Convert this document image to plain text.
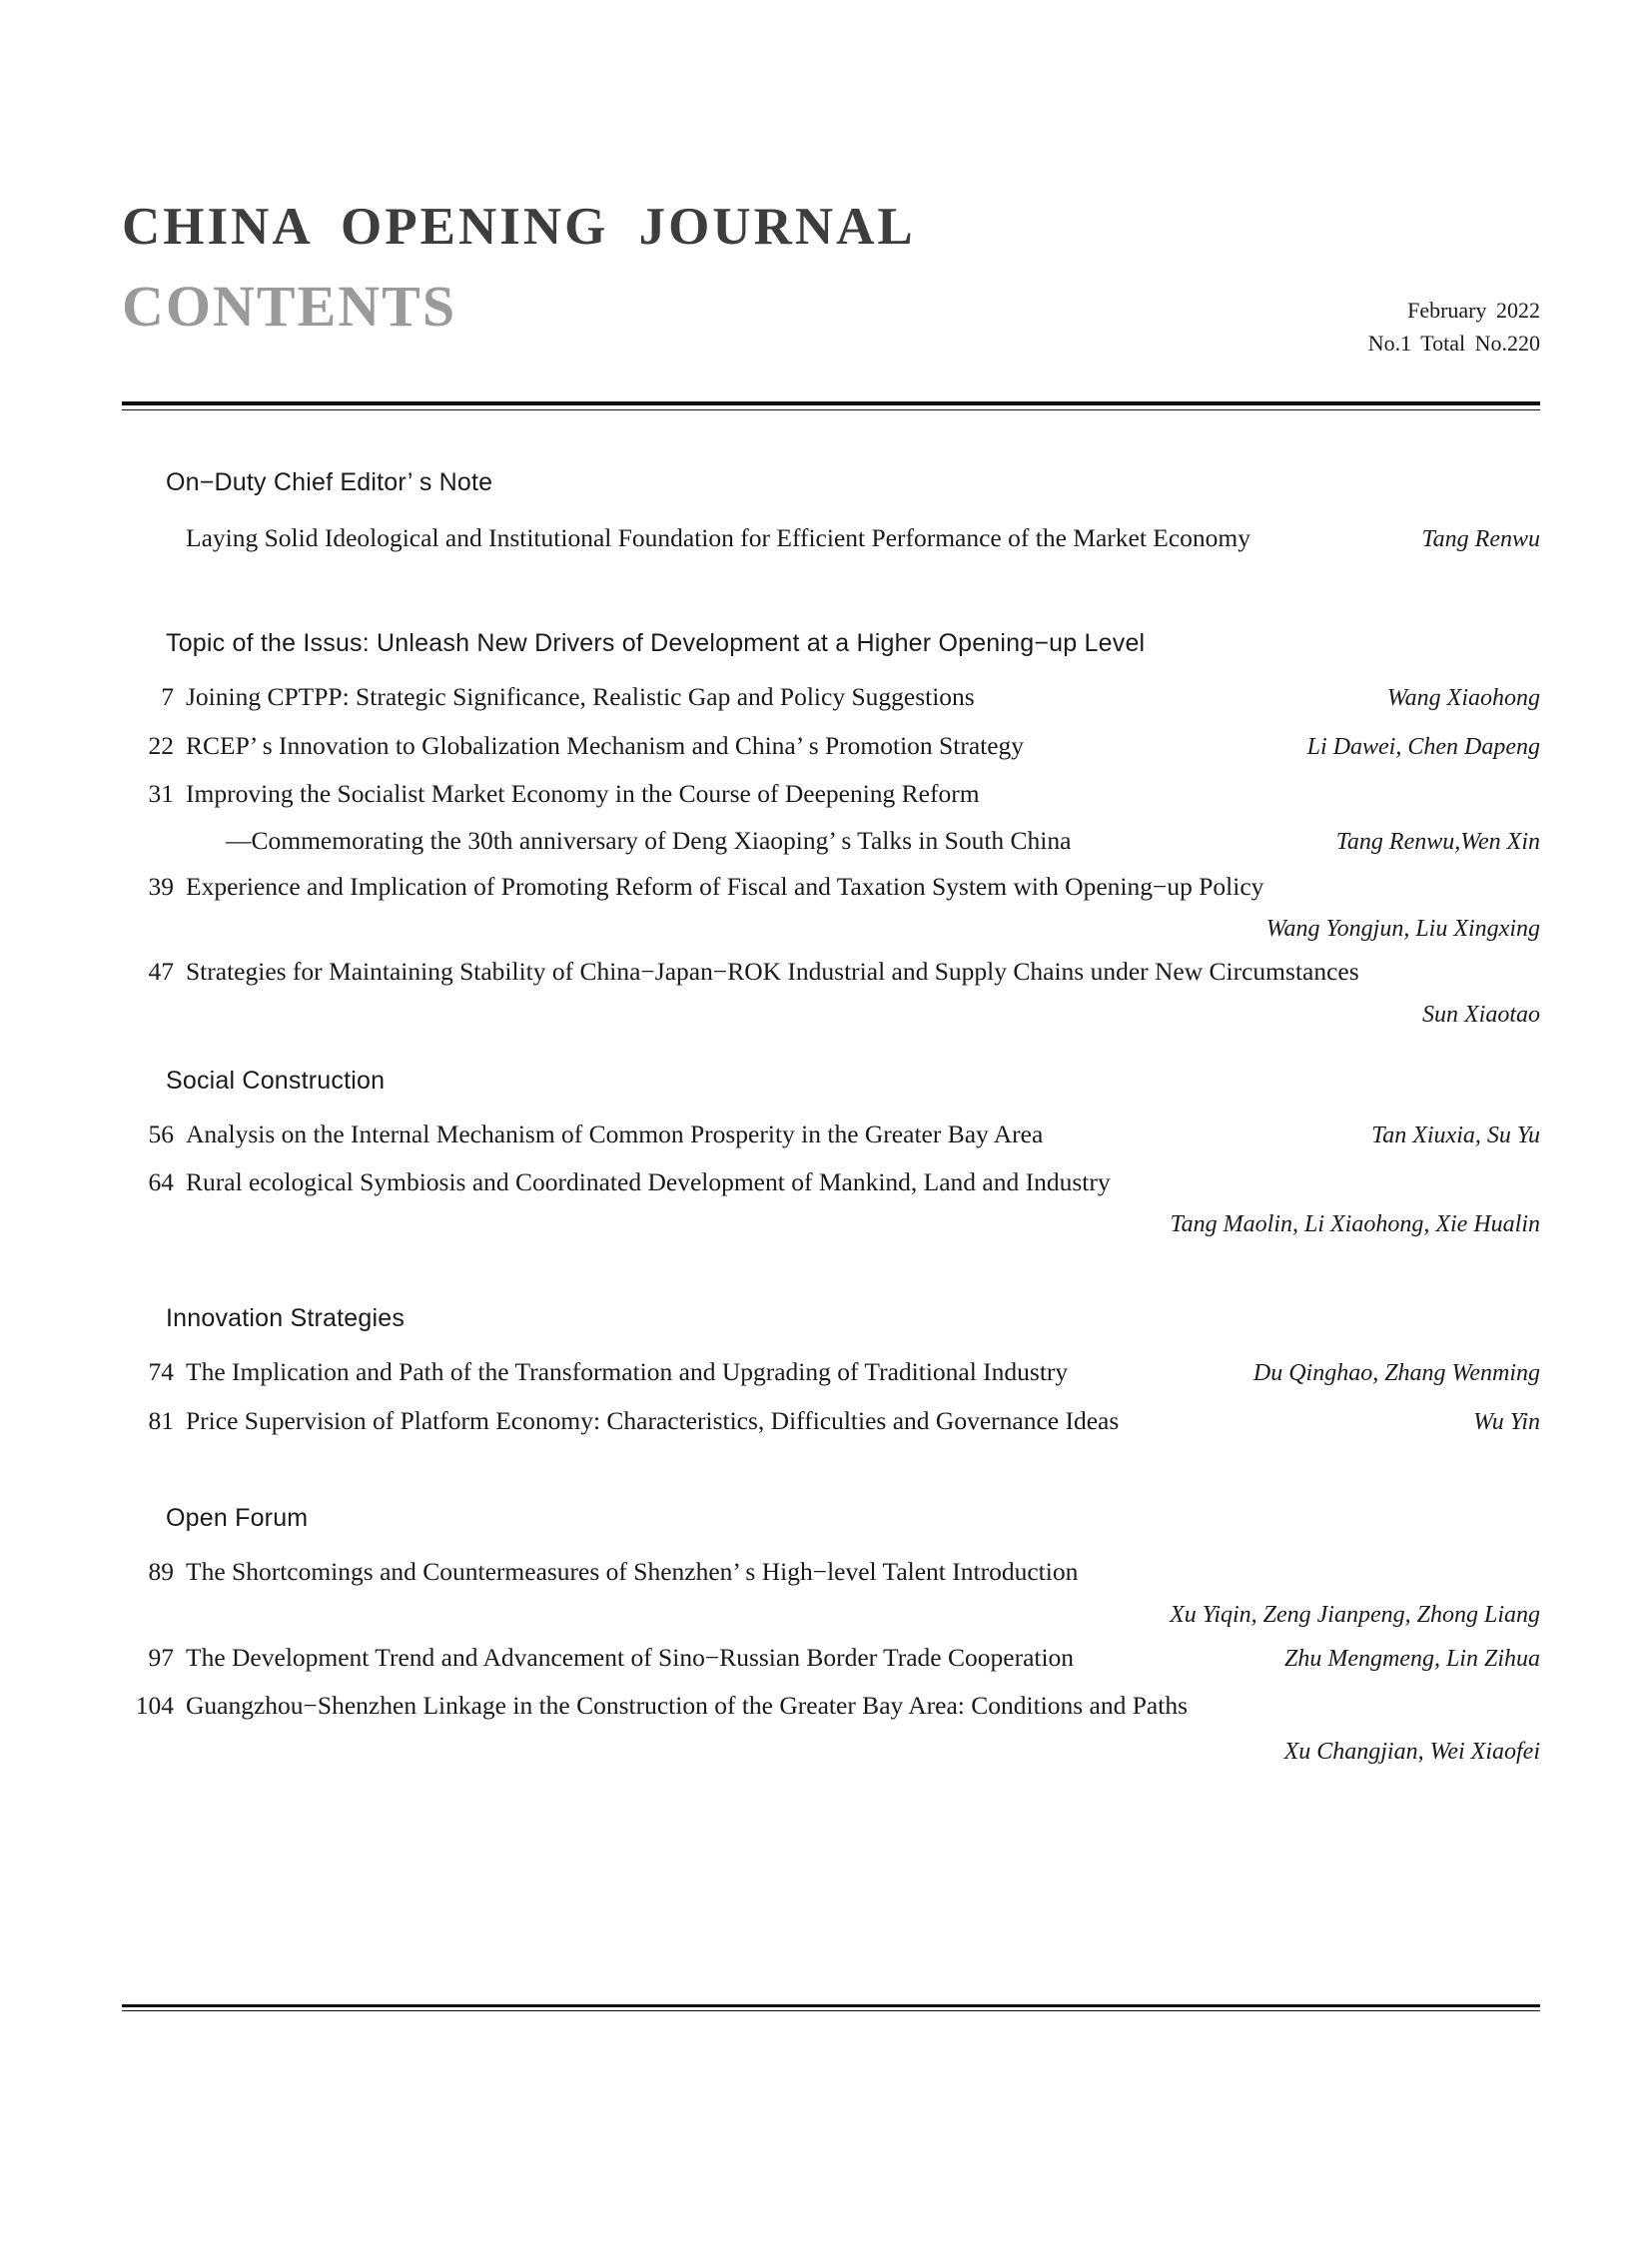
CHINA OPENING JOURNAL
CONTENTS	February 2022
No.1 Total No.220
On−Duty Chief Editor’ s Note
Laying Solid Ideological and Institutional Foundation for Efficient Performance of the Market Economy	Tang Renwu
Topic of the Issus: Unleash New Drivers of Development at a Higher Opening−up Level
7 Joining CPTPP: Strategic Significance, Realistic Gap and Policy Suggestions	Wang Xiaohong
22 RCEP’ s Innovation to Globalization Mechanism and China’ s Promotion Strategy	Li Dawei, Chen Dapeng
31 Improving the Socialist Market Economy in the Course of Deepening Reform
—Commemorating the 30th anniversary of Deng Xiaoping’ s Talks in South China	Tang Renwu,Wen Xin
39 Experience and Implication of Promoting Reform of Fiscal and Taxation System with Opening−up Policy
Wang Yongjun, Liu Xingxing
47 Strategies for Maintaining Stability of China−Japan−ROK Industrial and Supply Chains under New Circumstances
Sun Xiaotao
Social Construction
56 Analysis on the Internal Mechanism of Common Prosperity in the Greater Bay Area	Tan Xiuxia, Su Yu
64 Rural ecological Symbiosis and Coordinated Development of Mankind, Land and Industry
Tang Maolin, Li Xiaohong, Xie Hualin
Innovation Strategies
74 The Implication and Path of the Transformation and Upgrading of Traditional Industry	Du Qinghao, Zhang Wenming
81 Price Supervision of Platform Economy: Characteristics, Difficulties and Governance Ideas	Wu Yin
Open Forum
89 The Shortcomings and Countermeasures of Shenzhen’ s High−level Talent Introduction
Xu Yiqin, Zeng Jianpeng, Zhong Liang
97 The Development Trend and Advancement of Sino−Russian Border Trade Cooperation	Zhu Mengmeng, Lin Zihua
104 Guangzhou−Shenzhen Linkage in the Construction of the Greater Bay Area: Conditions and Paths
Xu Changjian, Wei Xiaofei
